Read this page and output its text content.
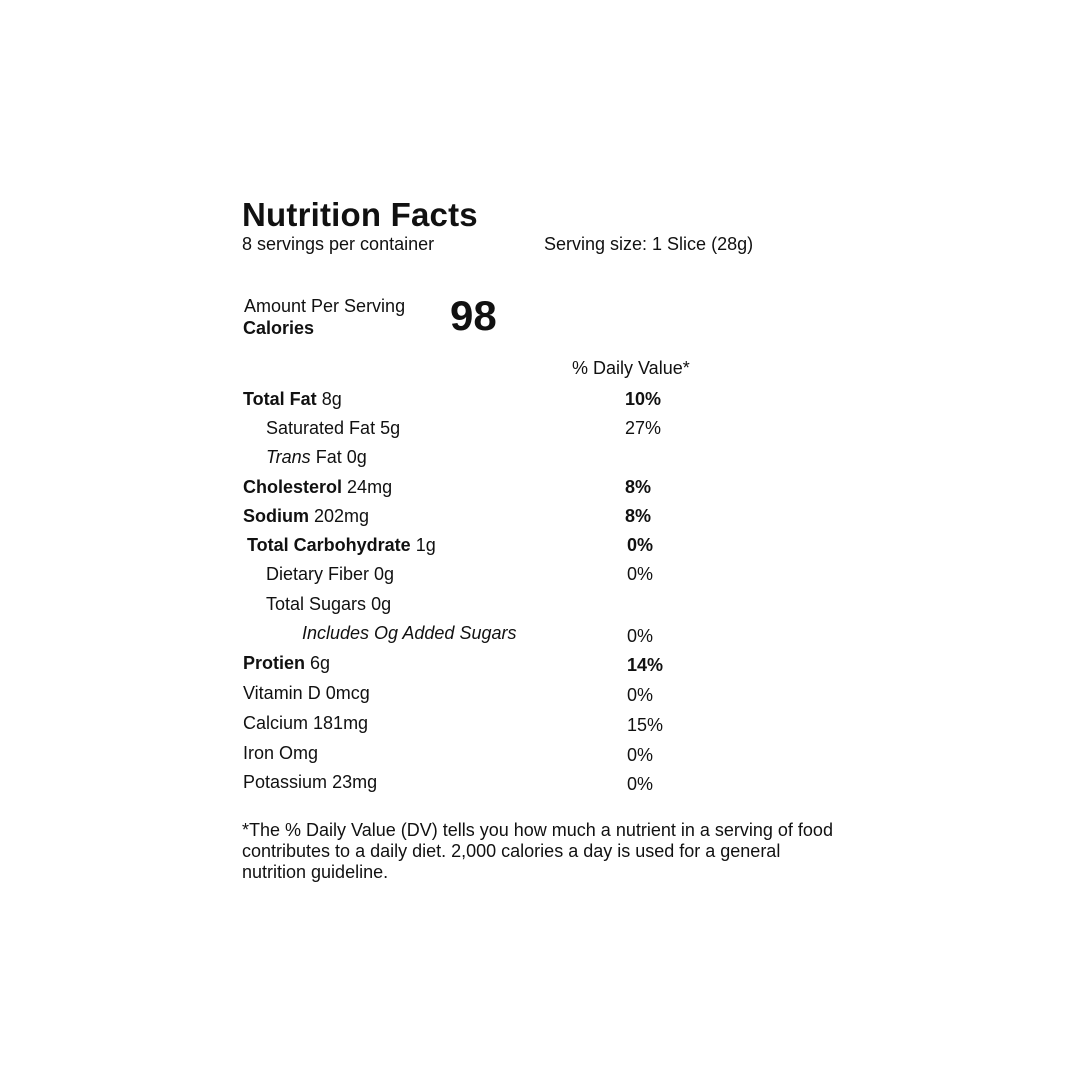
Nutrition Facts
8 servings per container	Serving size: 1 Slice (28g)
Amount Per Serving
Calories	98
% Daily Value*
Total Fat 8g	10%
Saturated Fat 5g	27%
Trans Fat 0g
Cholesterol 24mg	8%
Sodium 202mg	8%
Total Carbohydrate 1g	0%
Dietary Fiber 0g	0%
Total Sugars 0g
Includes Og Added Sugars	0%
Protien 6g	14%
Vitamin D 0mcg	0%
Calcium 181mg	15%
Iron Omg	0%
Potassium 23mg	0%
*The % Daily Value (DV) tells you how much a nutrient in a serving of food contributes to a daily diet. 2,000 calories a day is used for a general nutrition guideline.
